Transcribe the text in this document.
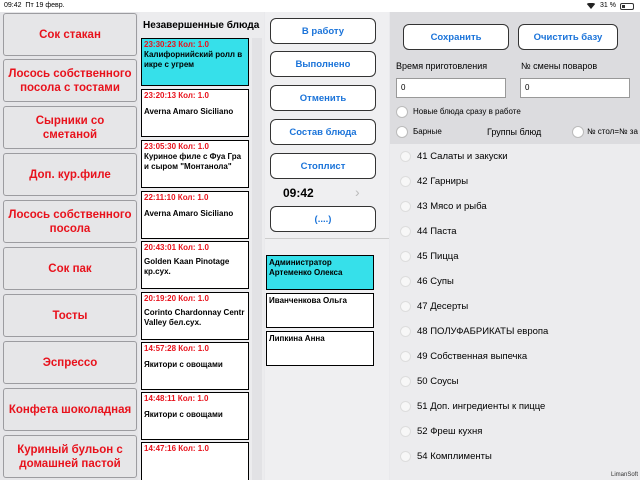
09:42 Пт 19 февр.	31 %
Сок стакан
Лосось собственного посола с тостами
Сырники со сметаной
Доп. кур.филе
Лосось собственного посола
Сок пак
Тосты
Эспрессо
Конфета шоколадная
Куриный бульон с домашней пастой
Незавершенные блюда
23:30:23 Кол: 1.0
Калифорнийский ролл в икре с угрем
23:20:13 Кол: 1.0
Averna Amaro Siciliano
23:05:30 Кол: 1.0
Куриное филе с Фуа Гра и сыром "Монтанола"
22:11:10 Кол: 1.0
Averna Amaro Siciliano
20:43:01 Кол: 1.0
Golden Kaan Pinotage кр.сух.
20:19:20 Кол: 1.0
Corinto Chardonnay Centr Valley бел.сух.
14:57:28 Кол: 1.0
Якитори с овощами
14:48:11 Кол: 1.0
Якитори с овощами
14:47:16 Кол: 1.0
В работу
Выполнено
Отменить
Состав блюда
Стоплист
09:42	›
(....)
Администратор Артеменко Олекса
Иванченкова Ольга
Липкина Анна
Сохранить	Очистить базу
Время приготовления	№ смены поваров
0	0
Новые блюда сразу в работе
Барные	Группы блюд	№ стол=№ за
41 Салаты и закуски
42 Гарниры
43 Мясо и рыба
44 Паста
45 Пицца
46 Супы
47 Десерты
48 ПОЛУФАБРИКАТЫ европа
49 Собственная выпечка
50 Соусы
51 Доп. ингредиенты к пицце
52 Фреш кухня
54 Комплименты
LimanSoft
